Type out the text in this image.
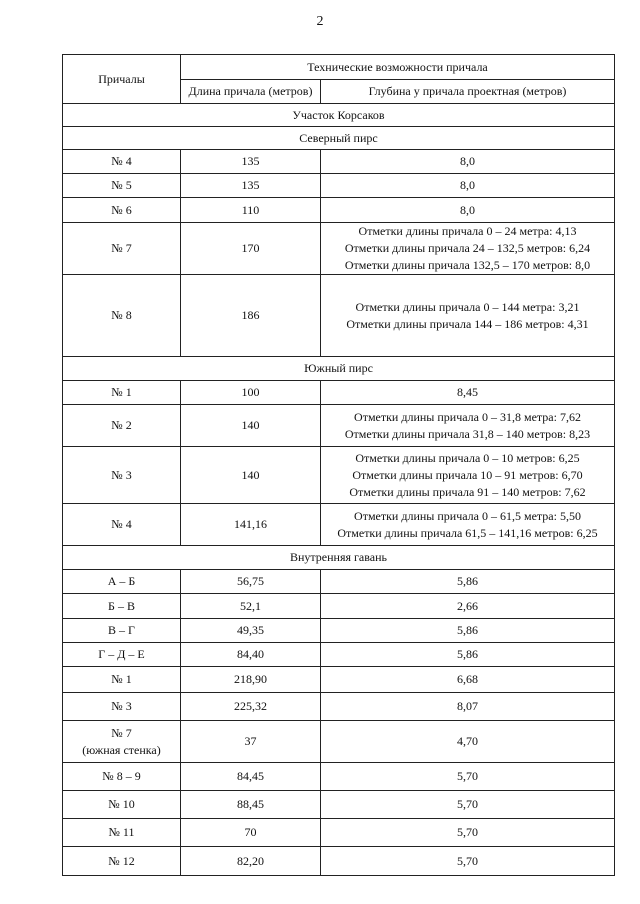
2
Причалы	Технические возможности причала	
	Длина причала (метров)	Глубина у причала проектная (метров)
Участок Корсаков		
Северный пирс		
№ 4	135	8,0
№ 5	135	8,0
№ 6	110	8,0
№ 7	170	Отметки длины причала 0 – 24 метра: 4,13
Отметки длины причала 24 – 132,5 метров: 6,24
Отметки длины причала 132,5 – 170 метров: 8,0

№ 8	186	Отметки длины причала 0 – 144 метра: 3,21
Отметки длины причала 144 – 186 метров: 4,31

Южный пирс		
№ 1	100	8,45
№ 2	140	Отметки длины причала 0 – 31,8 метра: 7,62
Отметки длины причала 31,8 – 140 метров: 8,23

№ 3	140	Отметки длины причала 0 – 10 метров: 6,25
Отметки длины причала 10 – 91 метров: 6,70
Отметки длины причала 91 – 140 метров: 7,62

№ 4	141,16	Отметки длины причала 0 – 61,5 метра: 5,50
Отметки длины причала 61,5 – 141,16 метров: 6,25

Внутренняя гавань		
А – Б	56,75	5,86
Б – В	52,1	2,66
В – Г	49,35	5,86
Г – Д – Е	84,40	5,86
№ 1	218,90	6,68
№ 3	225,32	8,07

№ 7
(южная стенка)	37	4,70
№ 8 – 9	84,45	5,70
№ 10	88,45	5,70
№ 11	70	5,70
№ 12	82,20	5,70
